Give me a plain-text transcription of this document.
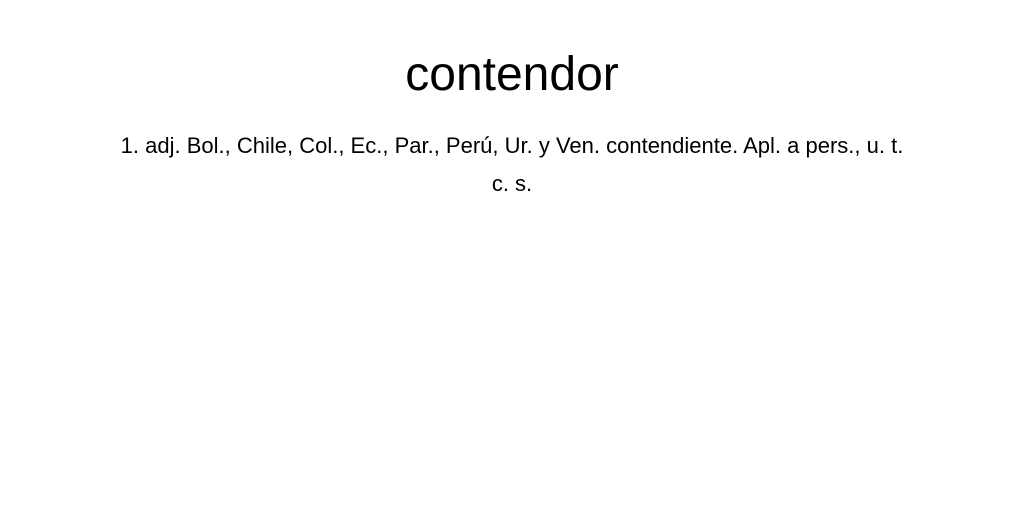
contendor

1. adj. Bol., Chile, Col., Ec., Par., Perú, Ur. y Ven. contendiente. Apl. a pers., u. t. c. s.
